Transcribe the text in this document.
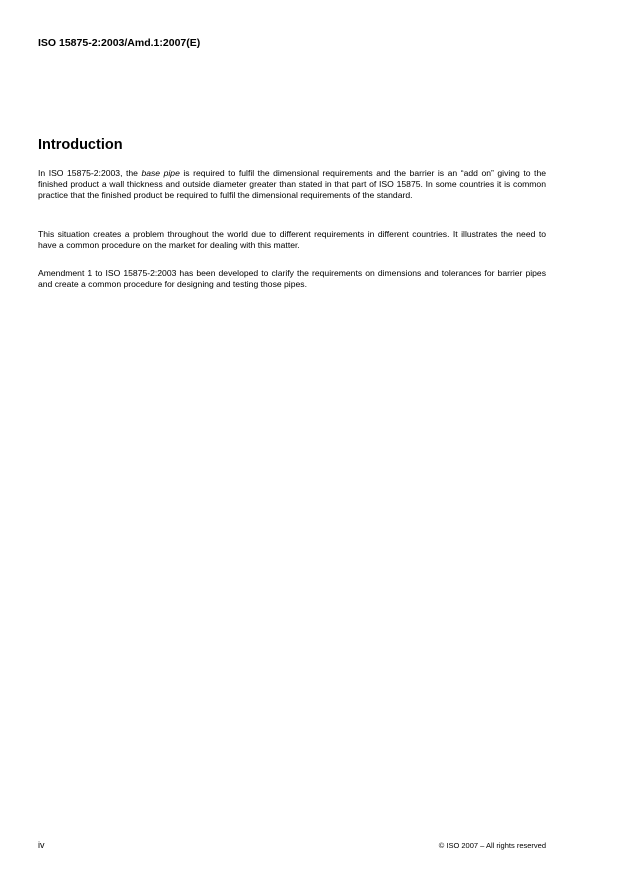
ISO 15875-2:2003/Amd.1:2007(E)
Introduction

In ISO 15875-2:2003, the base pipe is required to fulfil the dimensional requirements and the barrier is an “add on” giving to the finished product a wall thickness and outside diameter greater than stated in that part of ISO 15875. In some countries it is common practice that the finished product be required to fulfil the dimensional requirements of the standard.

This situation creates a problem throughout the world due to different requirements in different countries. It illustrates the need to have a common procedure on the market for dealing with this matter.

Amendment 1 to ISO 15875-2:2003 has been developed to clarify the requirements on dimensions and tolerances for barrier pipes and create a common procedure for designing and testing those pipes.

iv	© ISO 2007 – All rights reserved
